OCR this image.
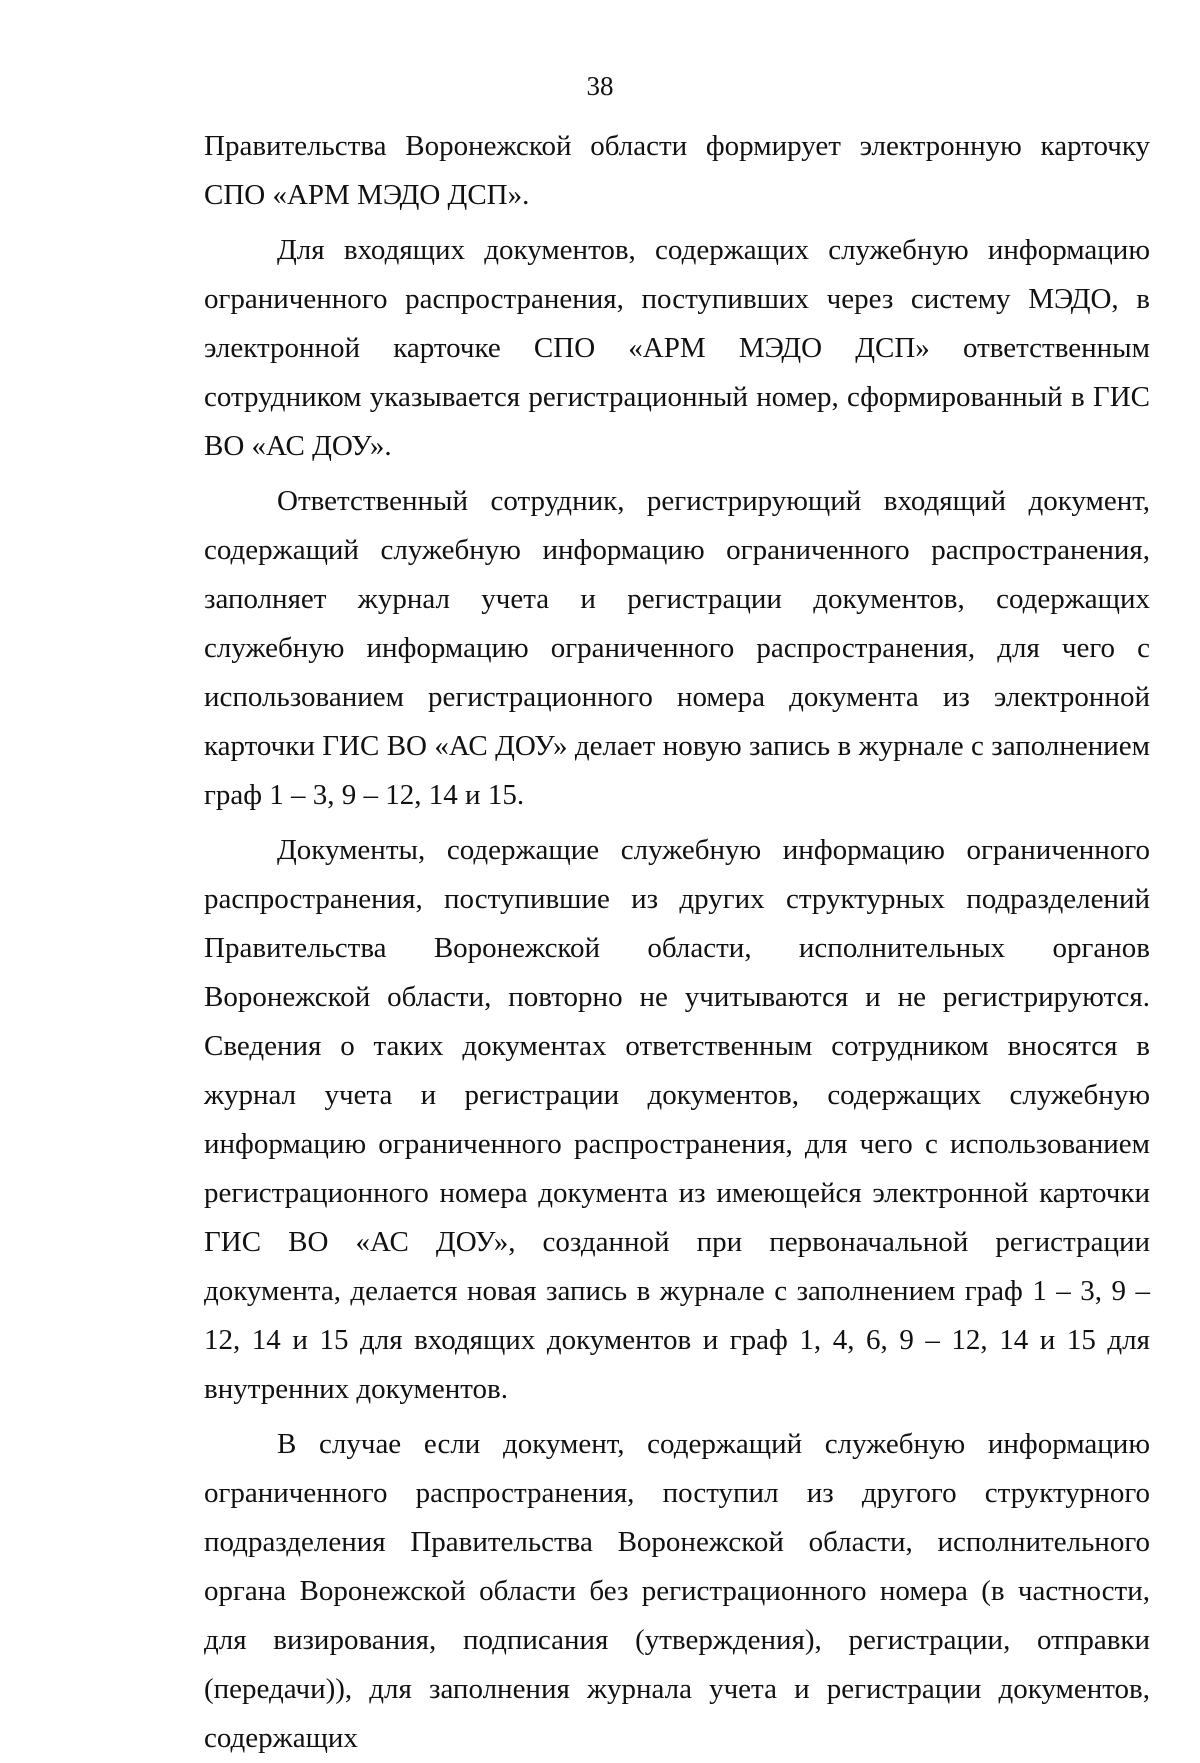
38

Правительства Воронежской области формирует электронную карточку СПО «АРМ МЭДО ДСП».

Для входящих документов, содержащих служебную информацию ограниченного распространения, поступивших через систему МЭДО, в электронной карточке СПО «АРМ МЭДО ДСП» ответственным сотрудником указывается регистрационный номер, сформированный в ГИС ВО «АС ДОУ».

Ответственный сотрудник, регистрирующий входящий документ, содержащий служебную информацию ограниченного распространения, заполняет журнал учета и регистрации документов, содержащих служебную информацию ограниченного распространения, для чего с использованием регистрационного номера документа из электронной карточки ГИС ВО «АС ДОУ» делает новую запись в журнале с заполнением граф 1 – 3, 9 – 12, 14 и 15.

Документы, содержащие служебную информацию ограниченного распространения, поступившие из других структурных подразделений Правительства Воронежской области, исполнительных органов Воронежской области, повторно не учитываются и не регистрируются. Сведения о таких документах ответственным сотрудником вносятся в журнал учета и регистрации документов, содержащих служебную информацию ограниченного распространения, для чего с использованием регистрационного номера документа из имеющейся электронной карточки ГИС ВО «АС ДОУ», созданной при первоначальной регистрации документа, делается новая запись в журнале с заполнением граф 1 – 3, 9 – 12, 14 и 15 для входящих документов и граф 1, 4, 6, 9 – 12, 14 и 15 для внутренних документов.

В случае если документ, содержащий служебную информацию ограниченного распространения, поступил из другого структурного подразделения Правительства Воронежской области, исполнительного органа Воронежской области без регистрационного номера (в частности, для визирования, подписания (утверждения), регистрации, отправки (передачи)), для заполнения журнала учета и регистрации документов, содержащих
